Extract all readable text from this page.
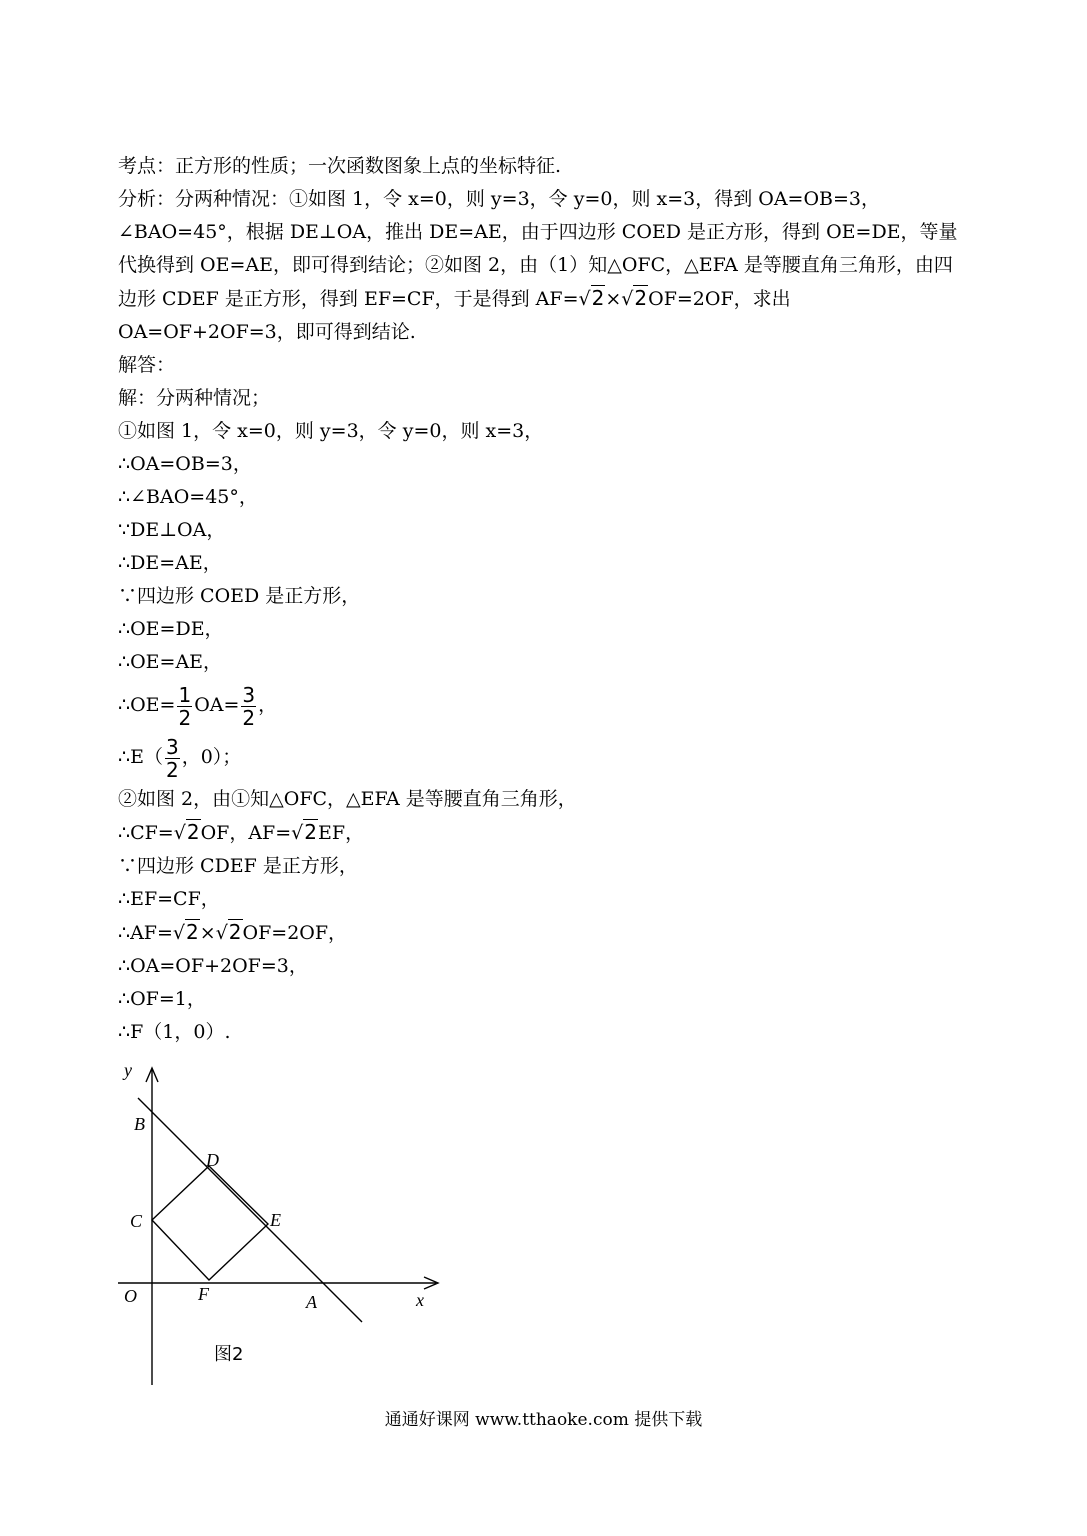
考点：正方形的性质；一次函数图象上点的坐标特征.
分析：分两种情况：①如图 1，令 x=0，则 y=3，令 y=0，则 x=3，得到 OA=OB=3，∠BAO=45°，根据 DE⊥OA，推出 DE=AE，由于四边形 COED 是正方形，得到 OE=DE，等量代换得到 OE=AE，即可得到结论；②如图 2，由（1）知△OFC，△EFA 是等腰直角三角形，由四边形 CDEF 是正方形，得到 EF=CF，于是得到 AF=√2×√2OF=2OF，求出 OA=OF+2OF=3，即可得到结论.
解答：
解：分两种情况；
①如图 1，令 x=0，则 y=3，令 y=0，则 x=3，
∴OA=OB=3，
∴∠BAO=45°，
∵DE⊥OA，
∴DE=AE，
∵四边形 COED 是正方形，
∴OE=DE，
∴OE=AE，
∴OE= $\frac{1}{2} OA= \frac{3}{2}$ ，
∴E（ $\frac{3}{2}$ ，0）；
②如图 2，由①知△OFC，△EFA 是等腰直角三角形，
∴CF=√2OF，AF=√2EF，
∵四边形 CDEF 是正方形，
∴EF=CF，
∴AF=√2×√2OF=2OF，
∴OA=OF+2OF=3，
∴OF=1，
∴F（1，0）.
y
x
O
B
D
C	E
F	A
图2
通通好课网 www.tthaoke.com 提供下载
